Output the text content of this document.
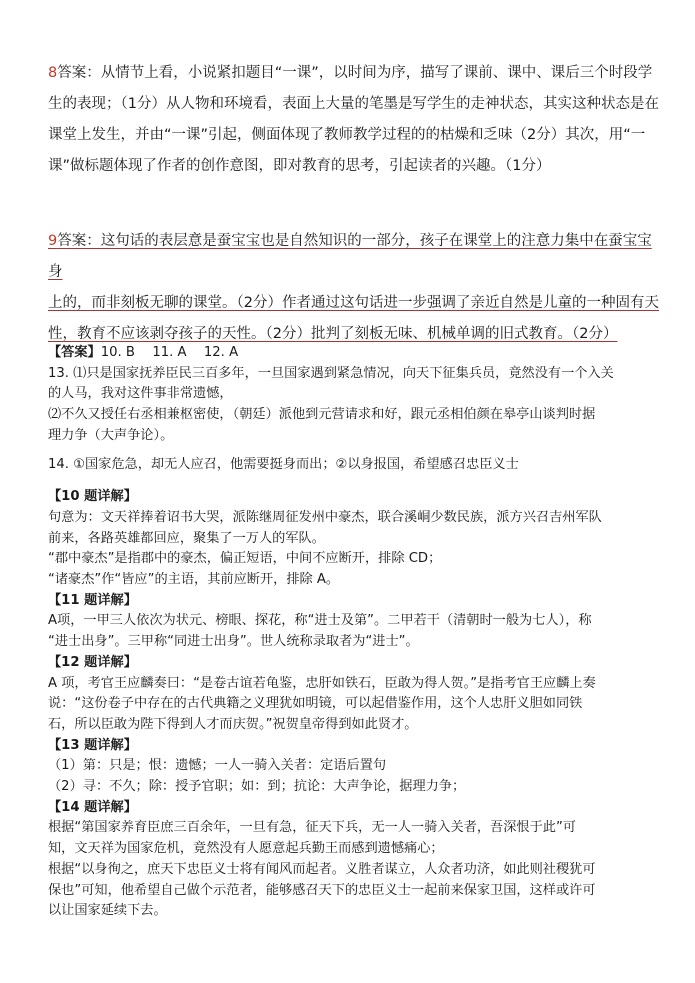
8答案：从情节上看，小说紧扣题目“一课”，以时间为序，描写了课前、课中、课后三个时段学
生的表现；（1分）从人物和环境看，表面上大量的笔墨是写学生的走神状态，其实这种状态是在
课堂上发生，并由“一课”引起，侧面体现了教师教学过程的的枯燥和乏味（2分）其次，用“一
课”做标题体现了作者的创作意图，即对教育的思考，引起读者的兴趣。（1分）
9答案：这句话的表层意是蚕宝宝也是自然知识的一部分，孩子在课堂上的注意力集中在蚕宝宝身
上的，而非刻板无聊的课堂。（2分）作者通过这句话进一步强调了亲近自然是儿童的一种固有天
性，教育不应该剥夺孩子的天性。（2分）批判了刻板无味、机械单调的旧式教育。（2分）

【答案】10. B　 11. A　 12. A

13. ⑴只是国家抚养臣民三百多年，一旦国家遇到紧急情况，向天下征集兵员，竟然没有一个入关

的人马，我对这件事非常遗憾，

⑵不久又授任右丞相兼枢密使，（朝廷）派他到元营请求和好，跟元丞相伯颜在皋亭山谈判时据

理力争（大声争论）。

14. ①国家危急，却无人应召，他需要挺身而出；②以身报国，希望感召忠臣义士

【10 题详解】

句意为：文天祥捧着诏书大哭，派陈继周征发州中豪杰，联合溪峒少数民族，派方兴召吉州军队

前来，各路英雄都回应，聚集了一万人的军队。

“郡中豪杰”是指郡中的豪杰，偏正短语，中间不应断开，排除 CD；

“诸豪杰”作“皆应”的主语，其前应断开，排除 A。

【11 题详解】

A项，一甲三人依次为状元、榜眼、探花，称“进士及第”。二甲若干（清朝时一般为七人），称

“进士出身”。三甲称“同进士出身”。世人统称录取者为“进士”。

【12 题详解】

A 项，考官王应麟奏曰：“是卷古谊若龟鉴，忠肝如铁石，臣敢为得人贺。”是指考官王应麟上奏

说：“这份卷子中存在的古代典籍之义理犹如明镜，可以起借鉴作用，这个人忠肝义胆如同铁

石，所以臣敢为陛下得到人才而庆贺。”祝贺皇帝得到如此贤才。

【13 题详解】

（1）第：只是；恨：遗憾；一人一骑入关者：定语后置句

（2）寻：不久；除：授予官职；如：到；抗论：大声争论，据理力争；

【14 题详解】

根据“第国家养育臣庶三百余年，一旦有急，征天下兵，无一人一骑入关者，吾深恨于此”可

知，文天祥为国家危机，竟然没有人愿意起兵勤王而感到遗憾痛心；

根据“以身徇之，庶天下忠臣义士将有闻风而起者。义胜者谋立，人众者功济，如此则社稷犹可

保也”可知，他希望自己做个示范者，能够感召天下的忠臣义士一起前来保家卫国，这样或许可

以让国家延续下去。
